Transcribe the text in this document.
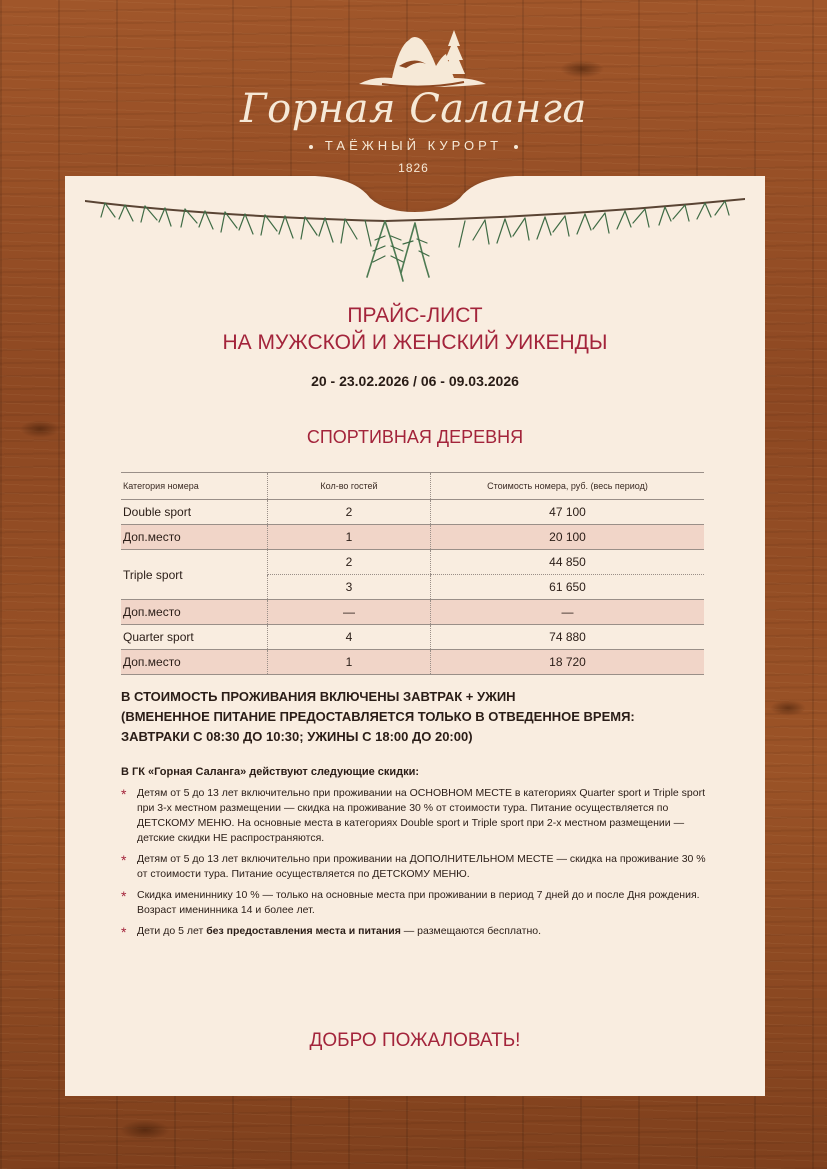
Горная Саланга
ТАЁЖНЫЙ КУРОРТ
1826
ПРАЙС-ЛИСТ
НА МУЖСКОЙ И ЖЕНСКИЙ УИКЕНДЫ
20 - 23.02.2026 / 06 - 09.03.2026
СПОРТИВНАЯ ДЕРЕВНЯ
Категория номера	Кол-во гостей	Стоимость номера, руб. (весь период)
Double sport	2	47 100
Доп.место	1	20 100
Triple sport	2	44 850
	3	61 650
Доп.место	—	—
Quarter sport	4	74 880
Доп.место	1	18 720
В СТОИМОСТЬ ПРОЖИВАНИЯ ВКЛЮЧЕНЫ ЗАВТРАК + УЖИН
(ВМЕНЕННОЕ ПИТАНИЕ ПРЕДОСТАВЛЯЕТСЯ ТОЛЬКО В ОТВЕДЕННОЕ ВРЕМЯ:
ЗАВТРАКИ С 08:30 ДО 10:30; УЖИНЫ С 18:00 ДО 20:00)
В ГК «Горная Саланга» действуют следующие скидки:
* Детям от 5 до 13 лет включительно при проживании на ОСНОВНОМ МЕСТЕ в категориях Quarter sport и Triple sport при 3-х местном размещении — скидка на проживание 30 % от стоимости тура. Питание осуществляется по ДЕТСКОМУ МЕНЮ. На основные места в категориях Double sport и Triple sport при 2-х местном размещении — детские скидки НЕ распространяются.
* Детям от 5 до 13 лет включительно при проживании на ДОПОЛНИТЕЛЬНОМ МЕСТЕ — скидка на проживание 30 % от стоимости тура. Питание осуществляется по ДЕТСКОМУ МЕНЮ.
* Скидка имениннику 10 % — только на основные места при проживании в период 7 дней до и после Дня рождения. Возраст именинника 14 и более лет.
* Дети до 5 лет без предоставления места и питания — размещаются бесплатно.
ДОБРО ПОЖАЛОВАТЬ!
